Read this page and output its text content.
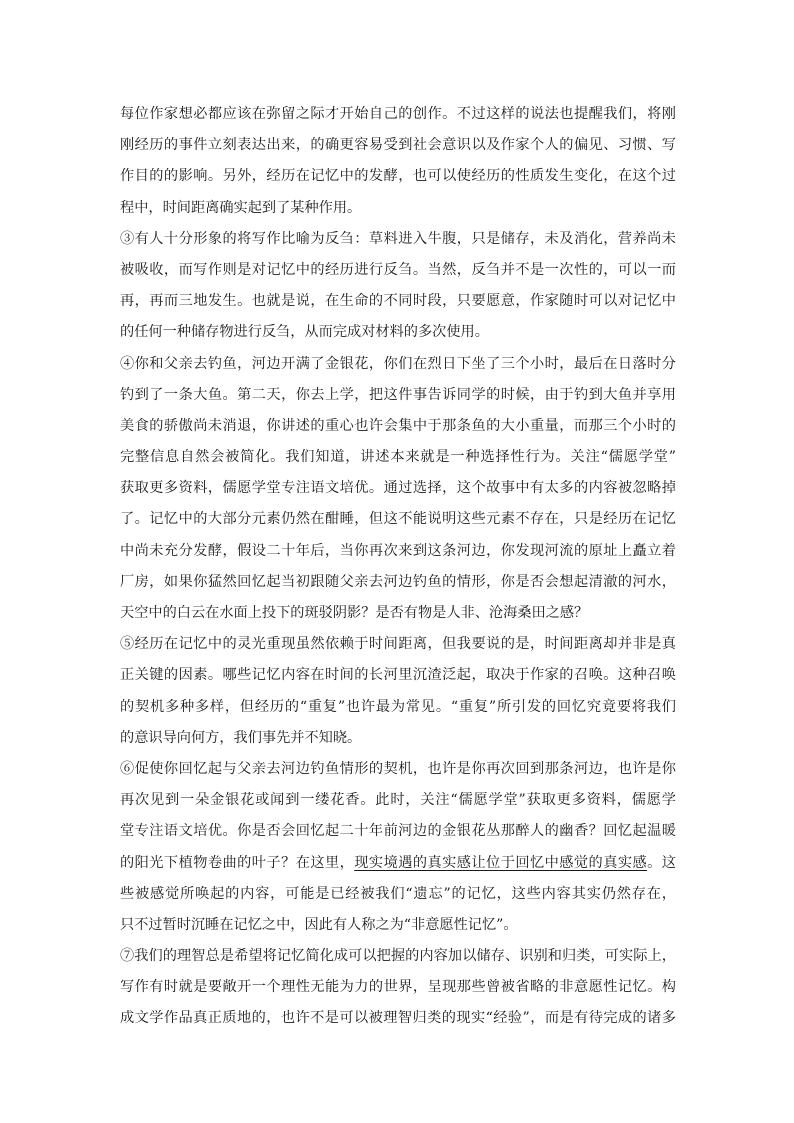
每位作家想必都应该在弥留之际才开始自己的创作。不过这样的说法也提醒我们，将刚
刚经历的事件立刻表达出来，的确更容易受到社会意识以及作家个人的偏见、习惯、写
作目的的影响。另外，经历在记忆中的发酵，也可以使经历的性质发生变化，在这个过
程中，时间距离确实起到了某种作用。
③有人十分形象的将写作比喻为反刍：草料进入牛腹，只是储存，未及消化，营养尚未
被吸收，而写作则是对记忆中的经历进行反刍。当然，反刍并不是一次性的，可以一而
再，再而三地发生。也就是说，在生命的不同时段，只要愿意，作家随时可以对记忆中
的任何一种储存物进行反刍，从而完成对材料的多次使用。
④你和父亲去钓鱼，河边开满了金银花，你们在烈日下坐了三个小时，最后在日落时分
钓到了一条大鱼。第二天，你去上学，把这件事告诉同学的时候，由于钓到大鱼并享用
美食的骄傲尚未消退，你讲述的重心也许会集中于那条鱼的大小重量，而那三个小时的
完整信息自然会被简化。我们知道，讲述本来就是一种选择性行为。关注“儒愿学堂”
获取更多资料，儒愿学堂专注语文培优。通过选择，这个故事中有太多的内容被忽略掉
了。记忆中的大部分元素仍然在酣睡，但这不能说明这些元素不存在，只是经历在记忆
中尚未充分发酵，假设二十年后，当你再次来到这条河边，你发现河流的原址上矗立着
厂房，如果你猛然回忆起当初跟随父亲去河边钓鱼的情形，你是否会想起清澈的河水，
天空中的白云在水面上投下的斑驳阴影？是否有物是人非、沧海桑田之感？
⑤经历在记忆中的灵光重现虽然依赖于时间距离，但我要说的是，时间距离却并非是真
正关键的因素。哪些记忆内容在时间的长河里沉渣泛起，取决于作家的召唤。这种召唤
的契机多种多样，但经历的“重复”也许最为常见。“重复”所引发的回忆究竟要将我们
的意识导向何方，我们事先并不知晓。
⑥促使你回忆起与父亲去河边钓鱼情形的契机，也许是你再次回到那条河边，也许是你
再次见到一朵金银花或闻到一缕花香。此时，关注“儒愿学堂”获取更多资料，儒愿学
堂专注语文培优。你是否会回忆起二十年前河边的金银花丛那醉人的幽香？回忆起温暖
的阳光下植物卷曲的叶子？在这里，现实境遇的真实感让位于回忆中感觉的真实感。这
些被感觉所唤起的内容，可能是已经被我们“遗忘”的记忆，这些内容其实仍然存在，
只不过暂时沉睡在记忆之中，因此有人称之为“非意愿性记忆”。
⑦我们的理智总是希望将记忆简化成可以把握的内容加以储存、识别和归类，可实际上，
写作有时就是要敞开一个理性无能为力的世界，呈现那些曾被省略的非意愿性记忆。构
成文学作品真正质地的，也许不是可以被理智归类的现实“经验”，而是有待完成的诸多
